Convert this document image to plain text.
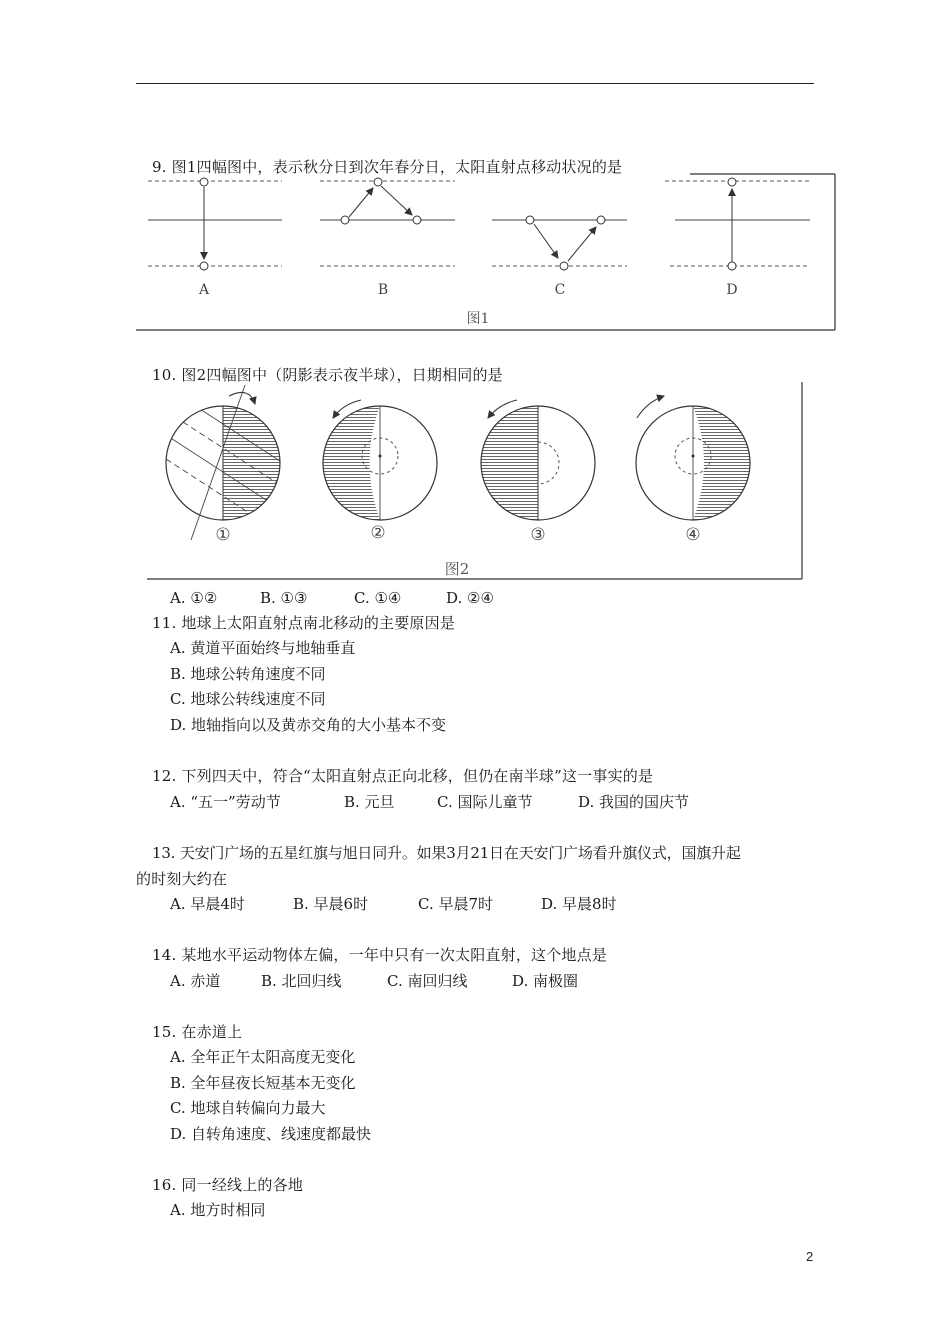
9. 图1四幅图中，表示秋分日到次年春分日，太阳直射点移动状况的是
A	B	C	D
图1
10. 图2四幅图中（阴影表示夜半球），日期相同的是
①	②	③	④
图2
A. ①②	B. ①③	C. ①④	D. ②④
11. 地球上太阳直射点南北移动的主要原因是
A. 黄道平面始终与地轴垂直
B. 地球公转角速度不同
C. 地球公转线速度不同
D. 地轴指向以及黄赤交角的大小基本不变
12. 下列四天中，符合“太阳直射点正向北移，但仍在南半球”这一事实的是
A. “五一”劳动节	B. 元旦	C. 国际儿童节	D. 我国的国庆节
13. 天安门广场的五星红旗与旭日同升。如果3月21日在天安门广场看升旗仪式，国旗升起
的时刻大约在
A. 早晨4时	B. 早晨6时	C. 早晨7时	D. 早晨8时
14. 某地水平运动物体左偏，一年中只有一次太阳直射，这个地点是
A. 赤道	B. 北回归线	C. 南回归线	D. 南极圈
15. 在赤道上
A. 全年正午太阳高度无变化
B. 全年昼夜长短基本无变化
C. 地球自转偏向力最大
D. 自转角速度、线速度都最快
16. 同一经线上的各地
A. 地方时相同
2
